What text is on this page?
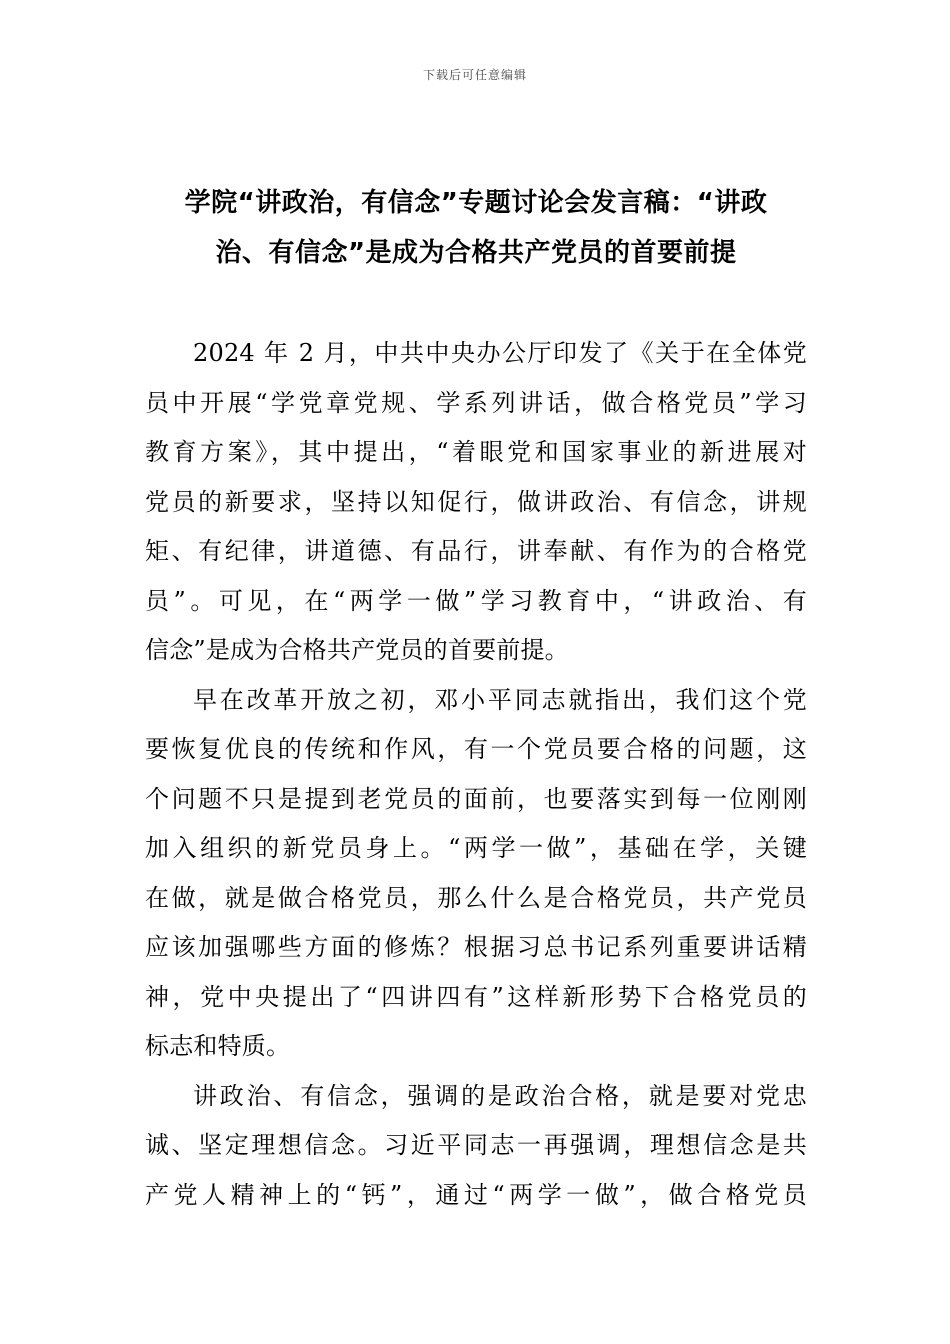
下载后可任意编辑
学院“讲政治，有信念”专题讨论会发言稿：“讲政
治、有信念”是成为合格共产党员的首要前提

2024 年 2 月，中共中央办公厅印发了《关于在全体党
员中开展“学党章党规、学系列讲话，做合格党员”学习
教育方案》，其中提出，“着眼党和国家事业的新进展对
党员的新要求，坚持以知促行，做讲政治、有信念，讲规
矩、有纪律，讲道德、有品行，讲奉献、有作为的合格党
员”。可见，在“两学一做”学习教育中，“讲政治、有
信念”是成为合格共产党员的首要前提。

早在改革开放之初，邓小平同志就指出，我们这个党
要恢复优良的传统和作风，有一个党员要合格的问题，这
个问题不只是提到老党员的面前，也要落实到每一位刚刚
加入组织的新党员身上。“两学一做”，基础在学，关键
在做，就是做合格党员，那么什么是合格党员，共产党员
应该加强哪些方面的修炼？根据习总书记系列重要讲话精
神，党中央提出了“四讲四有”这样新形势下合格党员的
标志和特质。

讲政治、有信念，强调的是政治合格，就是要对党忠
诚、坚定理想信念。习近平同志一再强调，理想信念是共
产党人精神上的“钙”，通过“两学一做”，做合格党员
